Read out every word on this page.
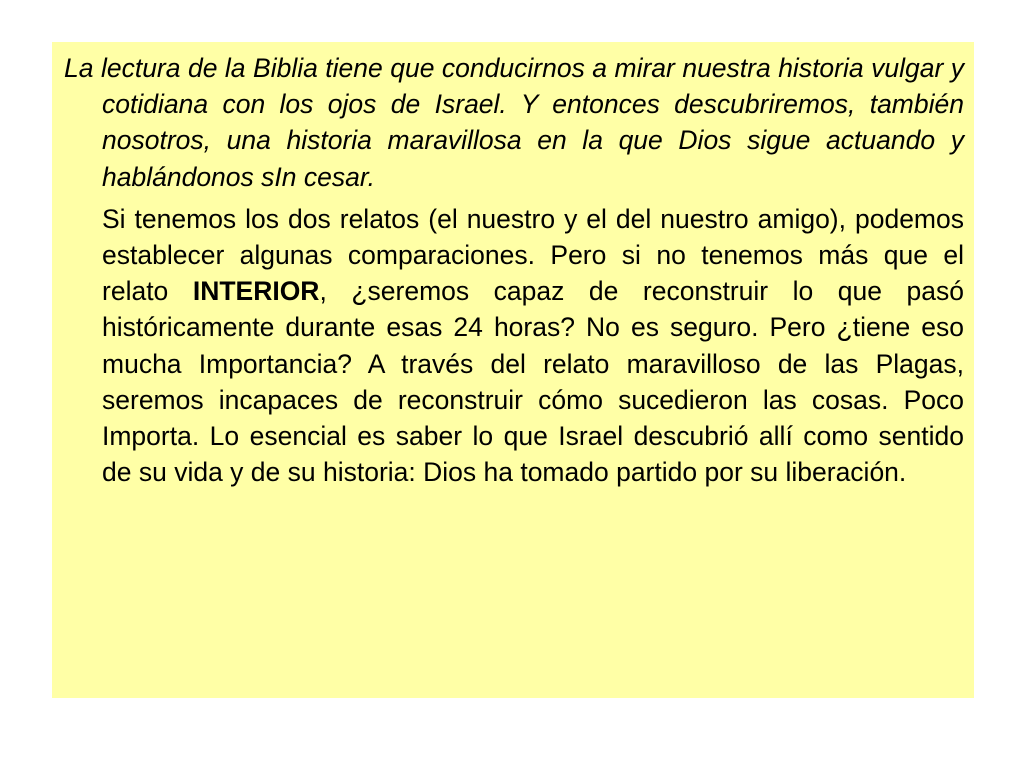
La lectura de la Biblia tiene que conducirnos a mirar nuestra historia vulgar y cotidiana con los ojos de Israel. Y entonces descubriremos, también nosotros, una historia maravillosa en la que Dios sigue actuando y hablándonos sIn cesar.

Si tenemos los dos relatos (el nuestro y el del nuestro amigo), podemos establecer algunas comparaciones. Pero si no tenemos más que el relato INTERIOR, ¿seremos capaz de reconstruir lo que pasó históricamente durante esas 24 horas? No es seguro. Pero ¿tiene eso mucha Importancia? A través del relato maravilloso de las Plagas, seremos incapaces de reconstruir cómo sucedieron las cosas. Poco Importa. Lo esencial es saber lo que Israel descubrió allí como sentido de su vida y de su historia: Dios ha tomado partido por su liberación.
